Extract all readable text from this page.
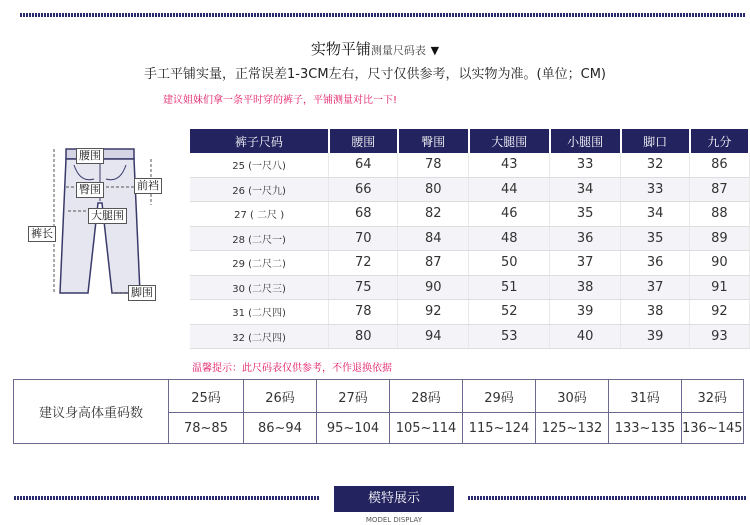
实物平铺测量尺码表 ▼
手工平铺实量，正常误差1-3CM左右，尺寸仅供参考，以实物为准。(单位；CM)
建议姐妹们拿一条平时穿的裤子，平铺测量对比一下!
腰围
臀围	前裆
大腿围
裤长
脚围
裤子尺码	腰围	臀围	大腿围	小腿围	脚口	九分
25 (一尺八)	64	78	43	33	32	86
26 (一尺九)	66	80	44	34	33	87
27 ( 二尺 )	68	82	46	35	34	88
28 (二尺一)	70	84	48	36	35	89
29 (二尺二)	72	87	50	37	36	90
30 (二尺三)	75	90	51	38	37	91
31 (二尺四)	78	92	52	39	38	92
32 (二尺四)	80	94	53	40	39	93
温馨提示：此尺码表仅供参考，不作退换依据
建议身高体重码数	25码	26码	27码	28码	29码	30码	31码	32码
	78~85	86~94	95~104	105~114	115~124	125~132	133~135	136~145
模特展示
MODEL DISPLAY
